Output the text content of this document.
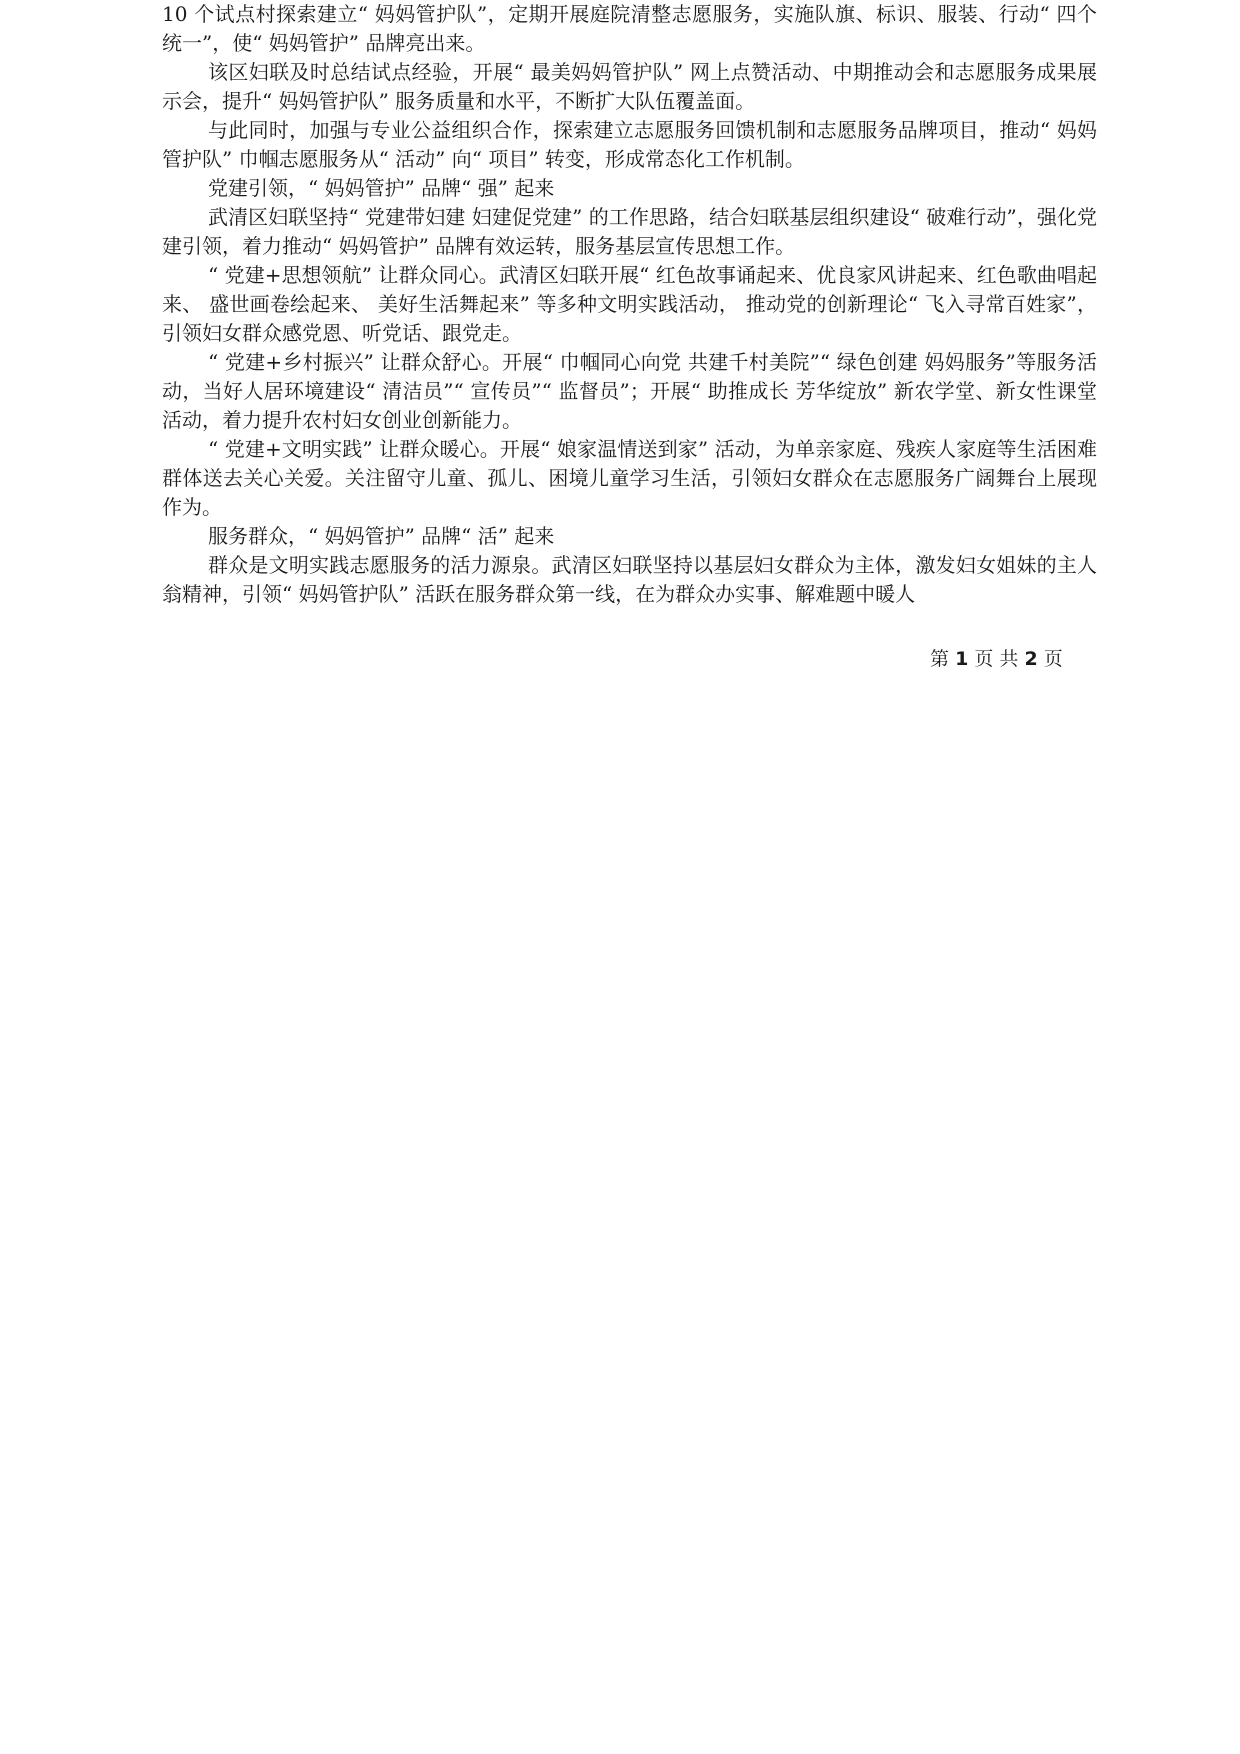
10 个试点村探索建立“ 妈妈管护队”，定期开展庭院清整志愿服务，实施队旗、标识、服装、行动“ 四个统一”，使“ 妈妈管护” 品牌亮出来。

该区妇联及时总结试点经验，开展“ 最美妈妈管护队” 网上点赞活动、中期推动会和志愿服务成果展示会，提升“ 妈妈管护队” 服务质量和水平，不断扩大队伍覆盖面。

与此同时，加强与专业公益组织合作，探索建立志愿服务回馈机制和志愿服务品牌项目，推动“ 妈妈管护队” 巾帼志愿服务从“ 活动” 向“ 项目” 转变，形成常态化工作机制。

党建引领，“ 妈妈管护” 品牌“ 强” 起来

武清区妇联坚持“ 党建带妇建 妇建促党建” 的工作思路，结合妇联基层组织建设“ 破难行动”，强化党建引领，着力推动“ 妈妈管护” 品牌有效运转，服务基层宣传思想工作。

“ 党建+思想领航” 让群众同心。武清区妇联开展“ 红色故事诵起来、优良家风讲起来、红色歌曲唱起来、 盛世画卷绘起来、 美好生活舞起来” 等多种文明实践活动， 推动党的创新理论“ 飞入寻常百姓家”，引领妇女群众感党恩、听党话、跟党走。

“ 党建+乡村振兴” 让群众舒心。开展“ 巾帼同心向党 共建千村美院”“ 绿色创建 妈妈服务”等服务活动，当好人居环境建设“ 清洁员”“ 宣传员”“ 监督员”；开展“ 助推成长 芳华绽放” 新农学堂、新女性课堂活动，着力提升农村妇女创业创新能力。

“ 党建+文明实践” 让群众暖心。开展“ 娘家温情送到家” 活动，为单亲家庭、残疾人家庭等生活困难群体送去关心关爱。关注留守儿童、孤儿、困境儿童学习生活，引领妇女群众在志愿服务广阔舞台上展现作为。

服务群众，“ 妈妈管护” 品牌“ 活” 起来

群众是文明实践志愿服务的活力源泉。武清区妇联坚持以基层妇女群众为主体，激发妇女姐妹的主人翁精神，引领“ 妈妈管护队” 活跃在服务群众第一线，在为群众办实事、解难题中暖人

第 1 页 共 2 页
